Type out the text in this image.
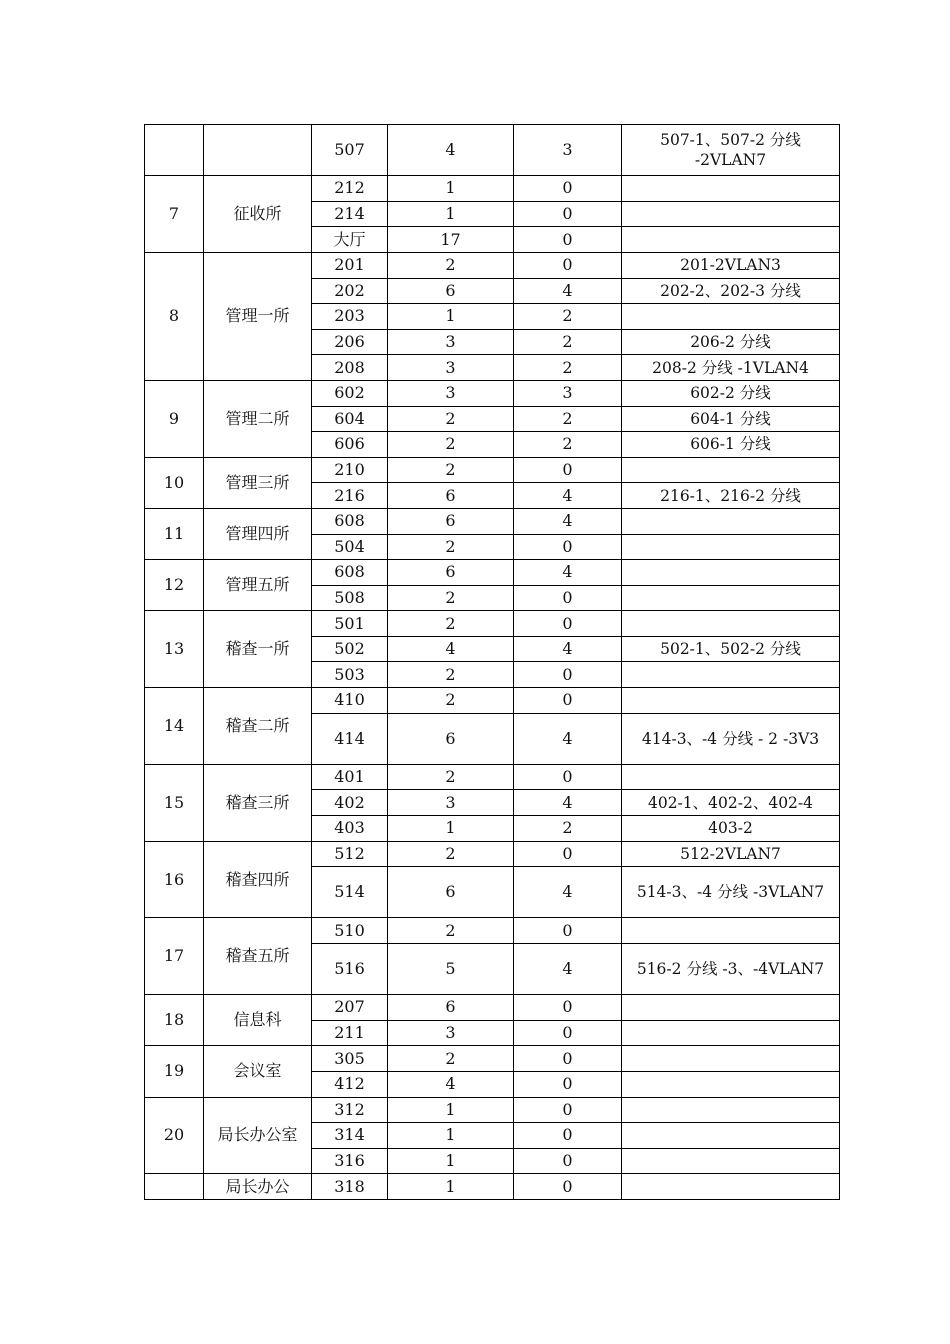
		507	4	3	507-1、507-2 分线 -2VLAN7
7	征收所	212	1	0	
		214	1	0	
		大厅	17	0	
8	管理一所	201	2	0	201-2VLAN3
		202	6	4	202-2、202-3 分线
		203	1	2	
		206	3	2	206-2 分线
		208	3	2	208-2 分线 -1VLAN4
9	管理二所	602	3	3	602-2 分线
		604	2	2	604-1 分线
		606	2	2	606-1 分线
10	管理三所	210	2	0	
		216	6	4	216-1、216-2 分线
11	管理四所	608	6	4	
		504	2	0	
12	管理五所	608	6	4	
		508	2	0	
13	稽查一所	501	2	0	
		502	4	4	502-1、502-2 分线
		503	2	0	
14	稽查二所	410	2	0	
		414	6	4	414-3、-4 分线 - 2 -3V3
15	稽查三所	401	2	0	
		402	3	4	402-1、402-2、402-4
		403	1	2	403-2
16	稽查四所	512	2	0	512-2VLAN7
		514	6	4	514-3、-4 分线 -3VLAN7
17	稽查五所	510	2	0	
		516	5	4	516-2 分线 -3、-4VLAN7
18	信息科	207	6	0	
		211	3	0	
19	会议室	305	2	0	
		412	4	0	
20	局长办公室	312	1	0	
		314	1	0	
		316	1	0	
	局长办公	318	1	0	
